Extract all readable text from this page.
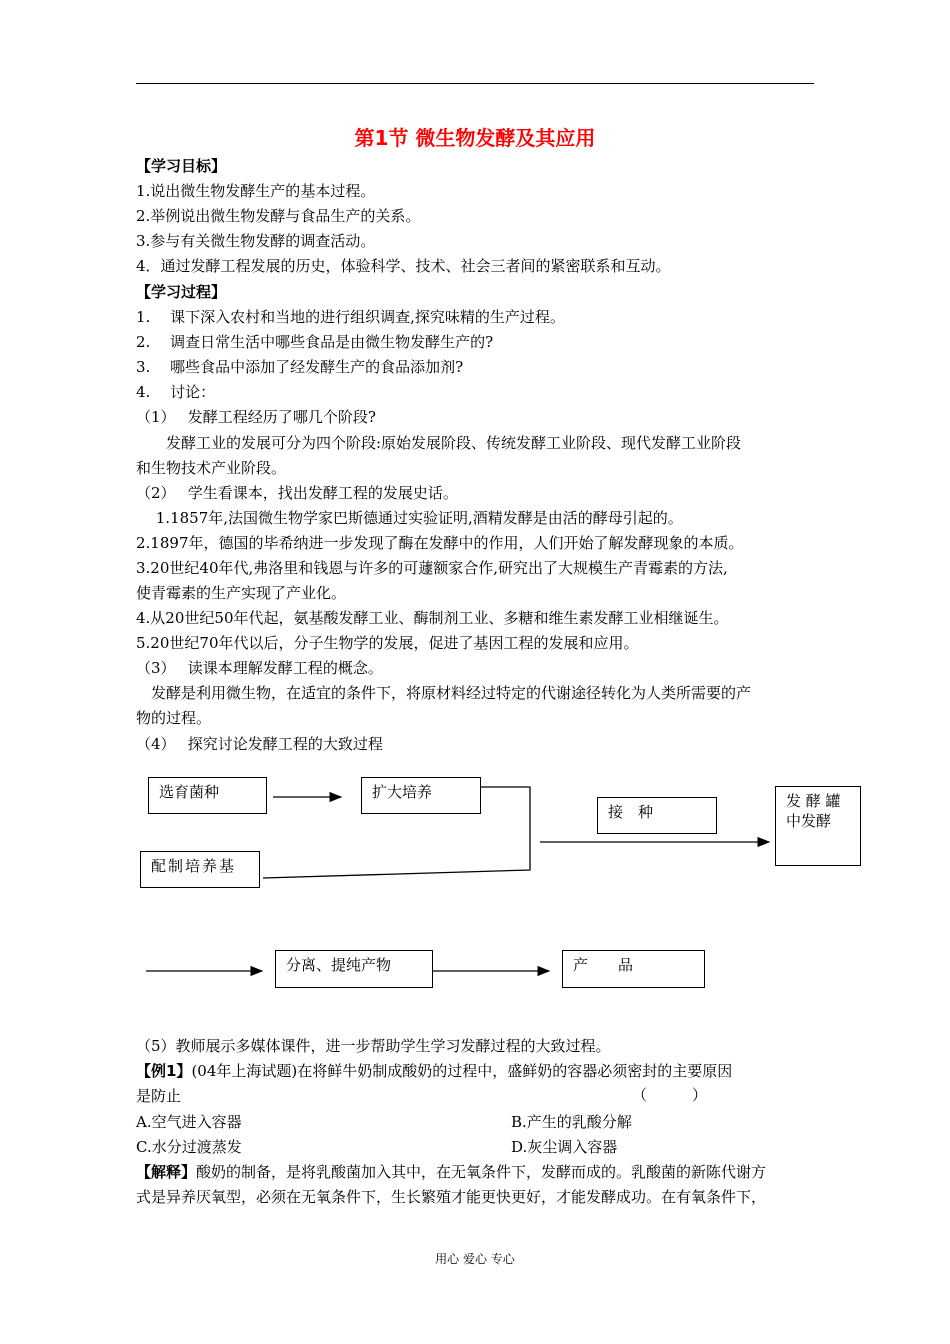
第1节 微生物发酵及其应用
【学习目标】
1.说出微生物发酵生产的基本过程。
2.举例说出微生物发酵与食品生产的关系。
3.参与有关微生物发酵的调查活动。
4．通过发酵工程发展的历史，体验科学、技术、社会三者间的紧密联系和互动。
【学习过程】
1.　 课下深入农村和当地的进行组织调查,探究味精的生产过程。
2.　 调查日常生活中哪些食品是由微生物发酵生产的?
3.　 哪些食品中添加了经发酵生产的食品添加剂?
4.　 讨论：
（1）　 发酵工程经历了哪几个阶段?
　　发酵工业的发展可分为四个阶段:原始发展阶段、传统发酵工业阶段、现代发酵工业阶段
和生物技术产业阶段。
（2）　 学生看课本，找出发酵工程的发展史话。
　 1.1857年,法国微生物学家巴斯德通过实验证明,酒精发酵是由活的酵母引起的。
2.1897年，德国的毕希纳进一步发现了酶在发酵中的作用，人们开始了解发酵现象的本质。
3.20世纪40年代,弗洛里和钱恩与许多的可蘧额家合作,研究出了大规模生产青霉素的方法,
使青霉素的生产实现了产业化。
4.从20世纪50年代起，氨基酸发酵工业、酶制剂工业、多糖和维生素发酵工业相继诞生。
5.20世纪70年代以后，分子生物学的发展，促进了基因工程的发展和应用。
（3）　 读课本理解发酵工程的概念。
　发酵是利用微生物，在适宜的条件下，将原材料经过特定的代谢途径转化为人类所需要的产
物的过程。
（4）　 探究讨论发酵工程的大致过程
选育菌种	扩大培养
接　种
发 酵 罐 中发酵
配制培养基
分离、提纯产物	产　　品
（5）教师展示多媒体课件，进一步帮助学生学习发酵过程的大致过程。
【例1】(04年上海试题)在将鲜牛奶制成酸奶的过程中，盛鲜奶的容器必须密封的主要原因
是防止	（	）
A.空气进入容器	B.产生的乳酸分解
C.水分过渡蒸发	D.灰尘调入容器
【解释】酸奶的制备，是将乳酸菌加入其中，在无氧条件下，发酵而成的。乳酸菌的新陈代谢方
式是异养厌氧型，必须在无氧条件下，生长繁殖才能更快更好，才能发酵成功。在有氧条件下，
用心 爱心 专心
